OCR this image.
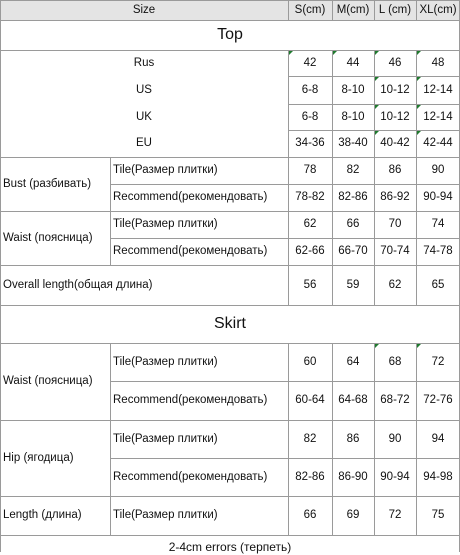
Size	S(cm) M(cm) L (cm) XL(cm)
Top
Rus	42	44	46	48
US	6-8	8-10	10-12	12-14
UK	6-8	8-10	10-12	12-14
EU	34-36	38-40	40-42	42-44
Bust (разбивать)
Tile(Размер плитки)	78	82	86	90
Recommend(рекомендовать)	78-82	82-86	86-92	90-94
Waist (поясница)
Tile(Размер плитки)	62	66	70	74
Recommend(рекомендовать)	62-66	66-70	70-74	74-78
Overall length(общая длина)	56	59	62	65
Skirt
Waist (поясница)
Tile(Размер плитки)	60	64	68	72
Recommend(рекомендовать)	60-64	64-68	68-72	72-76
Hip (ягодица)
Tile(Размер плитки)	82	86	90	94
Recommend(рекомендовать)	82-86	86-90	90-94	94-98
Length (длина)	Tile(Размер плитки)	66	69	72	75
2-4cm errors (терпеть)
